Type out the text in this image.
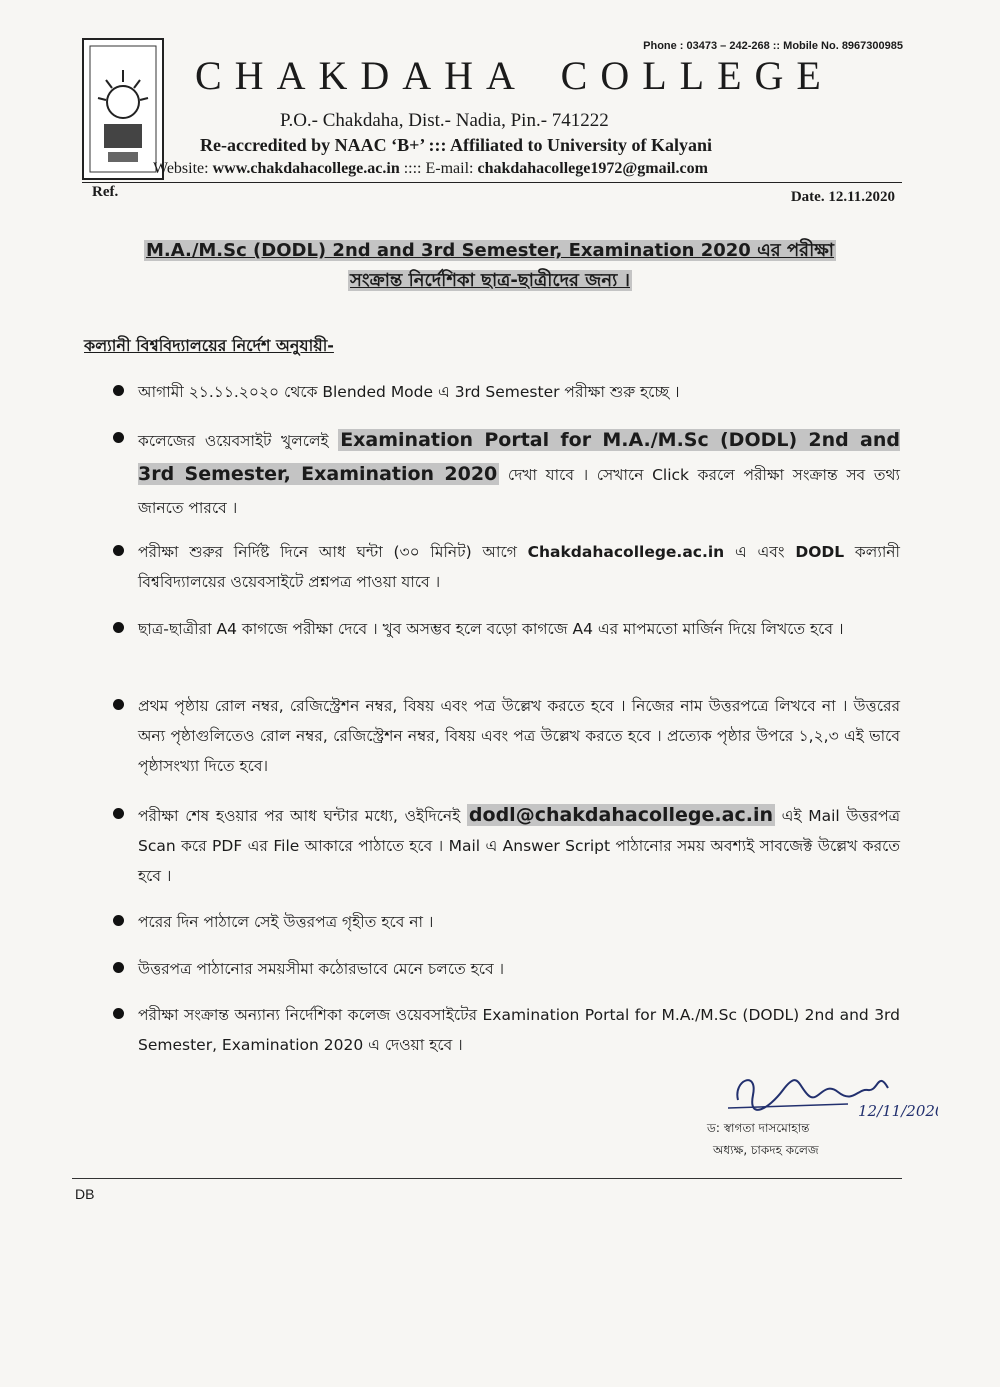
Phone : 03473 – 242-268 :: Mobile No. 8967300985
CHAKDAHA COLLEGE
P.O.- Chakdaha, Dist.- Nadia, Pin.- 741222
Re-accredited by NAAC ‘B+’ ::: Affiliated to University of Kalyani
Website: www.chakdahacollege.ac.in :::: E-mail: chakdahacollege1972@gmail.com
Ref.	Date. 12.11.2020
M.A./M.Sc (DODL) 2nd and 3rd Semester, Examination 2020 এর পরীক্ষা
সংক্রান্ত নির্দেশিকা ছাত্র-ছাত্রীদের জন্য ।
কল্যানী বিশ্ববিদ্যালয়ের নির্দেশ অনুযায়ী-
আগামী ২১.১১.২০২০ থেকে Blended Mode এ 3rd Semester পরীক্ষা শুরু হচ্ছে ।
কলেজের ওয়েবসাইট খুললেই Examination Portal for M.A./M.Sc (DODL) 2nd and 3rd Semester, Examination 2020 দেখা যাবে । সেখানে Click করলে পরীক্ষা সংক্রান্ত সব তথ্য জানতে পারবে ।
পরীক্ষা শুরুর নির্দিষ্ট দিনে আধ ঘন্টা (৩০ মিনিট) আগে Chakdahacollege.ac.in এ এবং DODL কল্যানী বিশ্ববিদ্যালয়ের ওয়েবসাইটে প্রশ্নপত্র পাওয়া যাবে ।
ছাত্র-ছাত্রীরা A4 কাগজে পরীক্ষা দেবে । খুব অসম্ভব হলে বড়ো কাগজে A4 এর মাপমতো মার্জিন দিয়ে লিখতে হবে ।
প্রথম পৃষ্ঠায় রোল নম্বর, রেজিস্ট্রেশন নম্বর, বিষয় এবং পত্র উল্লেখ করতে হবে । নিজের নাম উত্তরপত্রে লিখবে না । উত্তরের অন্য পৃষ্ঠাগুলিতেও রোল নম্বর, রেজিস্ট্রেশন নম্বর, বিষয় এবং পত্র উল্লেখ করতে হবে । প্রত্যেক পৃষ্ঠার উপরে ১,২,৩ এই ভাবে পৃষ্ঠাসংখ্যা দিতে হবে।
পরীক্ষা শেষ হওয়ার পর আধ ঘন্টার মধ্যে, ওইদিনেই dodl@chakdahacollege.ac.in এই Mail উত্তরপত্র Scan করে PDF এর File আকারে পাঠাতে হবে । Mail এ Answer Script পাঠানোর সময় অবশ্যই সাবজেক্ট উল্লেখ করতে হবে ।
পরের দিন পাঠালে সেই উত্তরপত্র গৃহীত হবে না ।
উত্তরপত্র পাঠানোর সময়সীমা কঠোরভাবে মেনে চলতে হবে ।
পরীক্ষা সংক্রান্ত অন্যান্য নির্দেশিকা কলেজ ওয়েবসাইটের Examination Portal for M.A./M.Sc (DODL) 2nd and 3rd Semester, Examination 2020 এ দেওয়া হবে ।
12/11/2020
ড: স্বাগতা দাসমোহান্ত
অধ্যক্ষ, চাকদহ কলেজ
DB
